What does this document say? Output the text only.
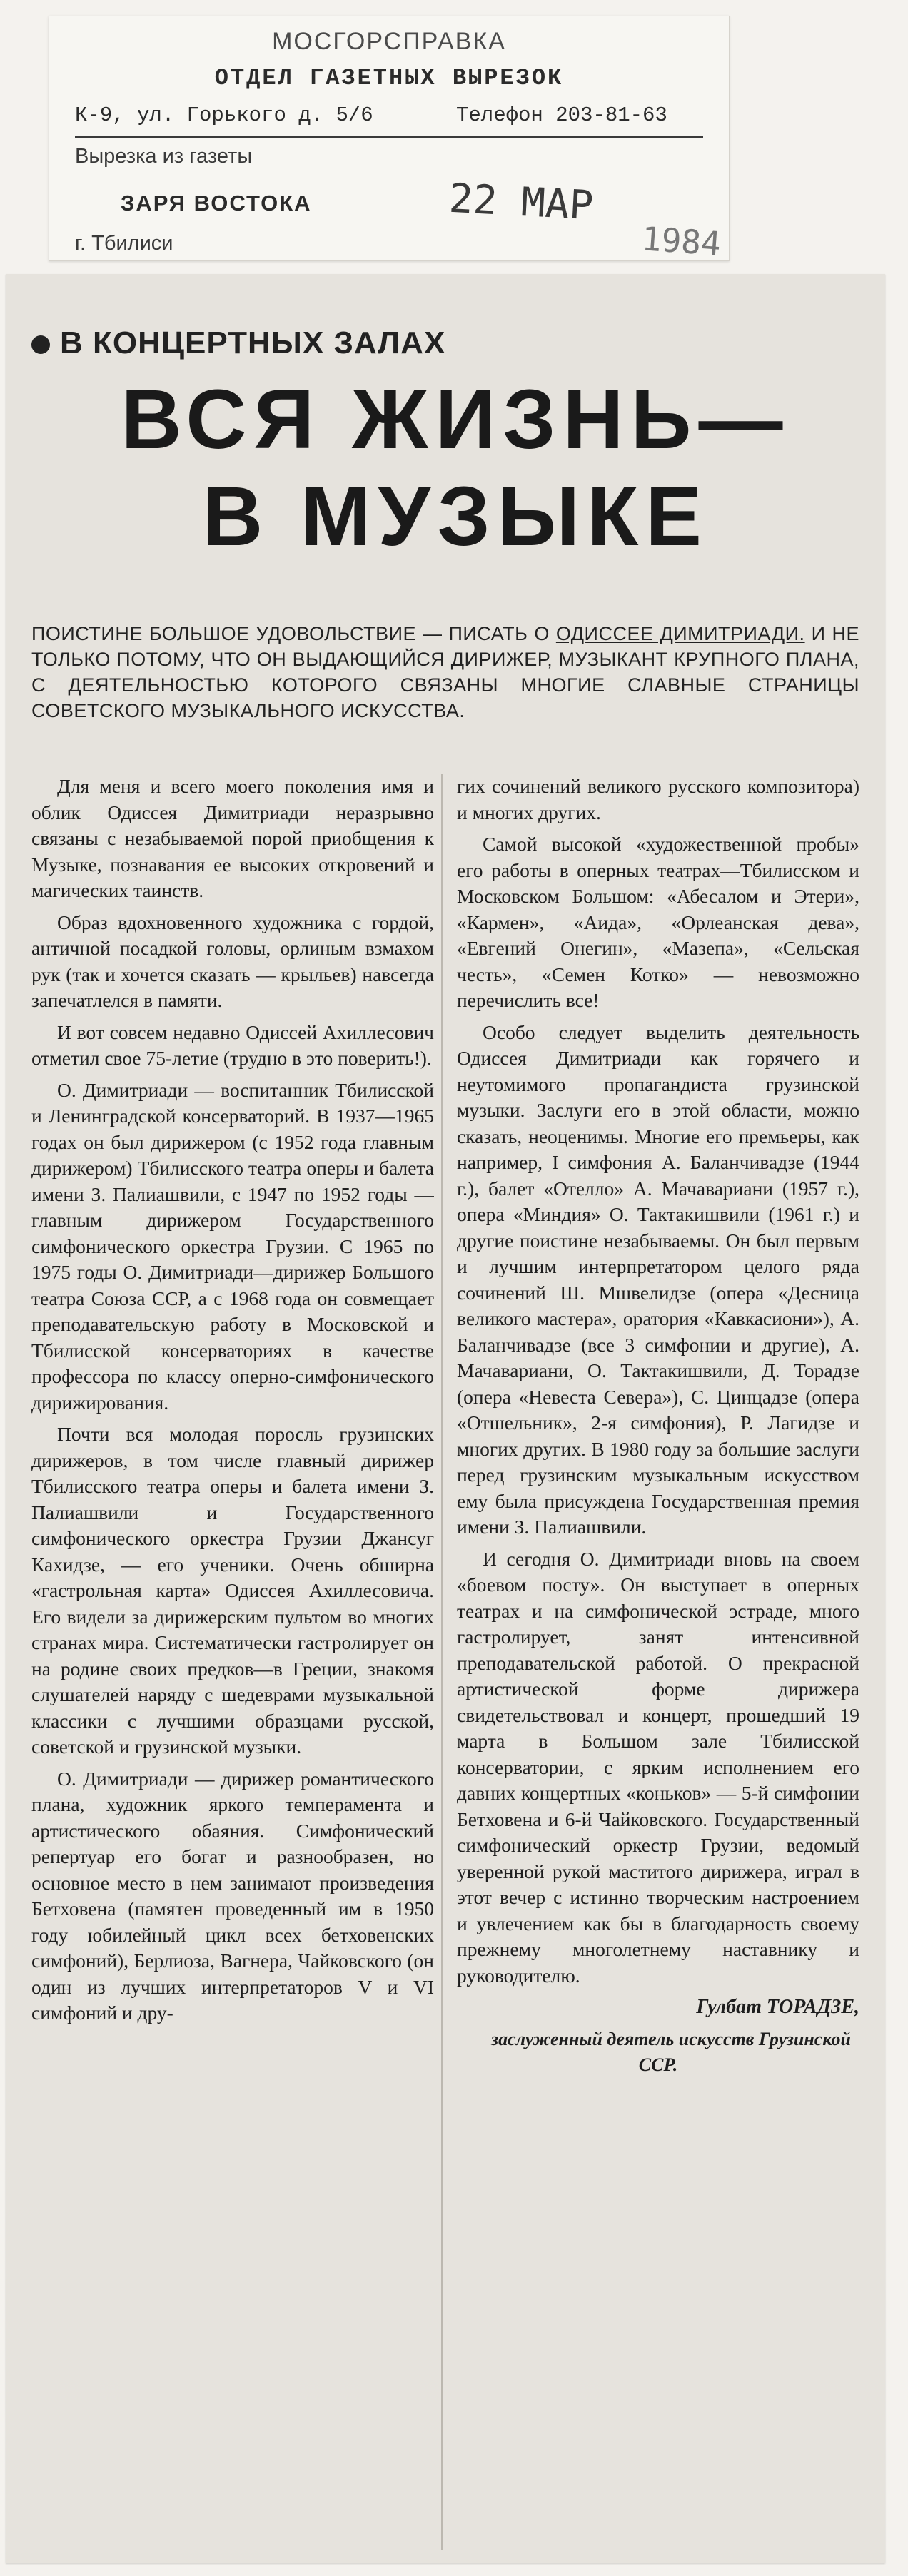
МОСГОРСПРАВКА
ОТДЕЛ ГАЗЕТНЫХ ВЫРЕЗОК
К-9, ул. Горького д. 5/6	Телефон 203-81-63
Вырезка из газеты
ЗАРЯ ВОСТОКА	22 МАР
1984
г. Тбилиси
В КОНЦЕРТНЫХ ЗАЛАХ
ВСЯ ЖИЗНЬ—
В МУЗЫКЕ
ПОИСТИНЕ БОЛЬШОЕ УДОВОЛЬСТВИЕ — ПИСАТЬ О ОДИССЕЕ ДИМИТРИАДИ. И НЕ ТОЛЬКО ПОТОМУ, ЧТО ОН ВЫДАЮЩИЙСЯ ДИРИЖЕР, МУЗЫКАНТ КРУПНОГО ПЛАНА, С ДЕЯТЕЛЬНОСТЬЮ КОТОРОГО СВЯЗАНЫ МНОГИЕ СЛАВНЫЕ СТРАНИЦЫ СОВЕТСКОГО МУЗЫКАЛЬНОГО ИСКУССТВА.

Для меня и всего моего поколения имя и облик Одиссея Димитриади неразрывно связаны с незабываемой порой приобщения к Музыке, познавания ее высоких откровений и магических таинств.

Образ вдохновенного художника с гордой, античной посадкой головы, орлиным взмахом рук (так и хочется сказать — крыльев) навсегда запечатлелся в памяти.

И вот совсем недавно Одиссей Ахиллесович отметил свое 75-летие (трудно в это поверить!).

О. Димитриади — воспитанник Тбилисской и Ленинградской консерваторий. В 1937—1965 годах он был дирижером (с 1952 года главным дирижером) Тбилисского театра оперы и балета имени З. Палиашвили, с 1947 по 1952 годы — главным дирижером Государственного симфонического оркестра Грузии. С 1965 по 1975 годы О. Димитриади—дирижер Большого театра Союза ССР, а с 1968 года он совмещает преподавательскую работу в Московской и Тбилисской консерваториях в качестве профессора по классу оперно-симфонического дирижирования.

Почти вся молодая поросль грузинских дирижеров, в том числе главный дирижер Тбилисского театра оперы и балета имени З. Палиашвили и Государственного симфонического оркестра Грузии Джансуг Кахидзе, — его ученики. Очень обширна «гастрольная карта» Одиссея Ахиллесовича. Его видели за дирижерским пультом во многих странах мира. Систематически гастролирует он на родине своих предков—в Греции, знакомя слушателей наряду с шедеврами музыкальной классики с лучшими образцами русской, советской и грузинской музыки.

О. Димитриади — дирижер романтического плана, художник яркого темперамента и артистического обаяния. Симфонический репертуар его богат и разнообразен, но основное место в нем занимают произведения Бетховена (памятен проведенный им в 1950 году юбилейный цикл всех бетховенских симфоний), Берлиоза, Вагнера, Чайковского (он один из лучших интерпретаторов V и VI симфоний и дру-

гих сочинений великого русского композитора) и многих других.

Самой высокой «художественной пробы» его работы в оперных театрах—Тбилисском и Московском Большом: «Абесалом и Этери», «Кармен», «Аида», «Орлеанская дева», «Евгений Онегин», «Мазепа», «Сельская честь», «Семен Котко» — невозможно перечислить все!

Особо следует выделить деятельность Одиссея Димитриади как горячего и неутомимого пропагандиста грузинской музыки. Заслуги его в этой области, можно сказать, неоценимы. Многие его премьеры, как например, I симфония А. Баланчивадзе (1944 г.), балет «Отелло» А. Мачавариани (1957 г.), опера «Миндия» О. Тактакишвили (1961 г.) и другие поистине незабываемы. Он был первым и лучшим интерпретатором целого ряда сочинений Ш. Мшвелидзе (опера «Десница великого мастера», оратория «Кавкасиони»), А. Баланчивадзе (все 3 симфонии и другие), А. Мачавариани, О. Тактакишвили, Д. Торадзе (опера «Невеста Севера»), С. Цинцадзе (опера «Отшельник», 2-я симфония), Р. Лагидзе и многих других. В 1980 году за большие заслуги перед грузинским музыкальным искусством ему была присуждена Государственная премия имени З. Палиашвили.

И сегодня О. Димитриади вновь на своем «боевом посту». Он выступает в оперных театрах и на симфонической эстраде, много гастролирует, занят интенсивной преподавательской работой. О прекрасной артистической форме дирижера свидетельствовал и концерт, прошедший 19 марта в Большом зале Тбилисской консерватории, с ярким исполнением его давних концертных «коньков» — 5-й симфонии Бетховена и 6-й Чайковского. Государственный симфонический оркестр Грузии, ведомый уверенной рукой маститого дирижера, играл в этот вечер с истинно творческим настроением и увлечением как бы в благодарность своему прежнему многолетнему наставнику и руководителю.

Гулбат ТОРАДЗЕ,

заслуженный деятель искусств Грузинской ССР.
